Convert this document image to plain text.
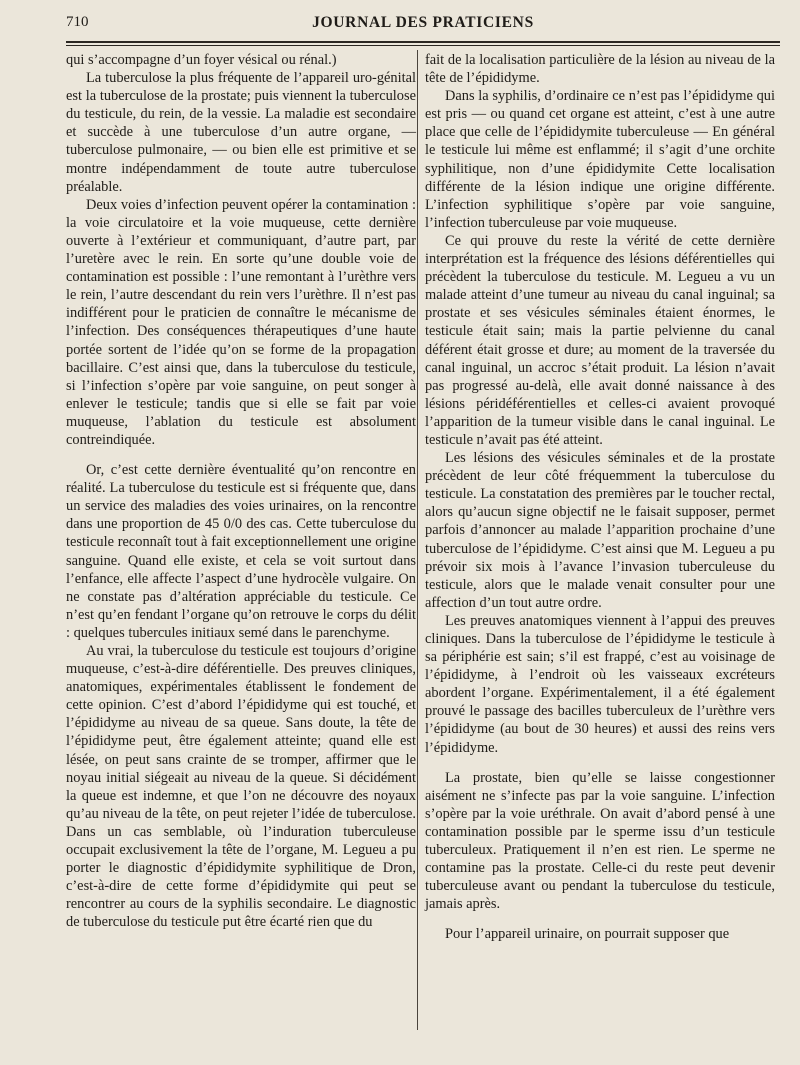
710	JOURNAL DES PRATICIENS

qui s’accompagne d’un foyer vésical ou rénal.)

La tuberculose la plus fréquente de l’appareil uro-génital est la tuberculose de la prostate; puis viennent la tuberculose du testicule, du rein, de la vessie. La maladie est secondaire et succède à une tuberculose d’un autre organe, — tuberculose pulmonaire, — ou bien elle est primitive et se montre indépendamment de toute autre tuberculose préalable.

Deux voies d’infection peuvent opérer la contamination : la voie circulatoire et la voie muqueuse, cette dernière ouverte à l’extérieur et communiquant, d’autre part, par l’uretère avec le rein. En sorte qu’une double voie de contamination est possible : l’une remontant à l’urèthre vers le rein, l’autre descendant du rein vers l’urèthre. Il n’est pas indifférent pour le praticien de connaître le mécanisme de l’infection. Des conséquences thérapeutiques d’une haute portée sortent de l’idée qu’on se forme de la propagation bacillaire. C’est ainsi que, dans la tuberculose du testicule, si l’infection s’opère par voie sanguine, on peut songer à enlever le testicule; tandis que si elle se fait par voie muqueuse, l’ablation du testicule est absolument contreindiquée.

Or, c’est cette dernière éventualité qu’on rencontre en réalité. La tuberculose du testicule est si fréquente que, dans un service des maladies des voies urinaires, on la rencontre dans une proportion de 45 0/0 des cas. Cette tuberculose du testicule reconnaît tout à fait exceptionnellement une origine sanguine. Quand elle existe, et cela se voit surtout dans l’enfance, elle affecte l’aspect d’une hydrocèle vulgaire. On ne constate pas d’altération appréciable du testicule. Ce n’est qu’en fendant l’organe qu’on retrouve le corps du délit : quelques tubercules initiaux semé dans le parenchyme.

Au vrai, la tuberculose du testicule est toujours d’origine muqueuse, c’est-à-dire déférentielle. Des preuves cliniques, anatomiques, expérimentales établissent le fondement de cette opinion. C’est d’abord l’épididyme qui est touché, et l’épididyme au niveau de sa queue. Sans doute, la tête de l’épididyme peut, être également atteinte; quand elle est lésée, on peut sans crainte de se tromper, affirmer que le noyau initial siégeait au niveau de la queue. Si décidément la queue est indemne, et que l’on ne découvre des noyaux qu’au niveau de la tête, on peut rejeter l’idée de tuberculose. Dans un cas semblable, où l’induration tuberculeuse occupait exclusivement la tête de l’organe, M. Legueu a pu porter le diagnostic d’épididymite syphilitique de Dron, c’est-à-dire de cette forme d’épididymite qui peut se rencontrer au cours de la syphilis secondaire. Le diagnostic de tuberculose du testicule put être écarté rien que du

fait de la localisation particulière de la lésion au niveau de la tête de l’épididyme.

Dans la syphilis, d’ordinaire ce n’est pas l’épididyme qui est pris — ou quand cet organe est atteint, c’est à une autre place que celle de l’épididymite tuberculeuse — En général le testicule lui même est enflammé; il s’agit d’une orchite syphilitique, non d’une épididymite Cette localisation différente de la lésion indique une origine différente. L’infection syphilitique s’opère par voie sanguine, l’infection tuberculeuse par voie muqueuse.

Ce qui prouve du reste la vérité de cette dernière interprétation est la fréquence des lésions déférentielles qui précèdent la tuberculose du testicule. M. Legueu a vu un malade atteint d’une tumeur au niveau du canal inguinal; sa prostate et ses vésicules séminales étaient énormes, le testicule était sain; mais la partie pelvienne du canal déférent était grosse et dure; au moment de la traversée du canal inguinal, un accroc s’était produit. La lésion n’avait pas progressé au-delà, elle avait donné naissance à des lésions péridéférentielles et celles-ci avaient provoqué l’apparition de la tumeur visible dans le canal inguinal. Le testicule n’avait pas été atteint.

Les lésions des vésicules séminales et de la prostate précèdent de leur côté fréquemment la tuberculose du testicule. La constatation des premières par le toucher rectal, alors qu’aucun signe objectif ne le faisait supposer, permet parfois d’annoncer au malade l’apparition prochaine d’une tuberculose de l’épididyme. C’est ainsi que M. Legueu a pu prévoir six mois à l’avance l’invasion tuberculeuse du testicule, alors que le malade venait consulter pour une affection d’un tout autre ordre.

Les preuves anatomiques viennent à l’appui des preuves cliniques. Dans la tuberculose de l’épididyme le testicule à sa périphérie est sain; s’il est frappé, c’est au voisinage de l’épididyme, à l’endroit où les vaisseaux excréteurs abordent l’organe. Expérimentalement, il a été également prouvé le passage des bacilles tuberculeux de l’urèthre vers l’épididyme (au bout de 30 heures) et aussi des reins vers l’épididyme.

La prostate, bien qu’elle se laisse congestionner aisément ne s’infecte pas par la voie sanguine. L’infection s’opère par la voie uréthrale. On avait d’abord pensé à une contamination possible par le sperme issu d’un testicule tuberculeux. Pratiquement il n’en est rien. Le sperme ne contamine pas la prostate. Celle-ci du reste peut devenir tuberculeuse avant ou pendant la tuberculose du testicule, jamais après.

Pour l’appareil urinaire, on pourrait supposer que
